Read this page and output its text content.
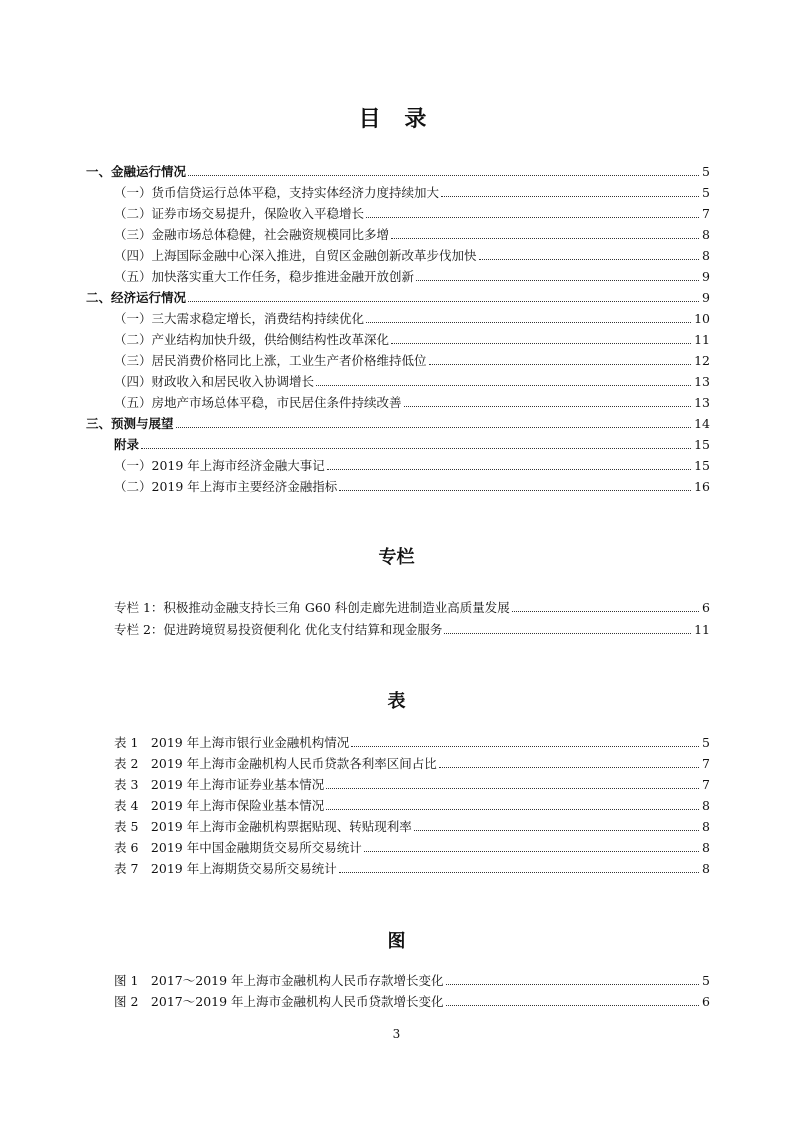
目 录
一、金融运行情况	5
（一）货币信贷运行总体平稳，支持实体经济力度持续加大	5
（二）证券市场交易提升，保险收入平稳增长	7
（三）金融市场总体稳健，社会融资规模同比多增	8
（四）上海国际金融中心深入推进，自贸区金融创新改革步伐加快	8
（五）加快落实重大工作任务，稳步推进金融开放创新	9
二、经济运行情况	9
（一）三大需求稳定增长，消费结构持续优化	10
（二）产业结构加快升级，供给侧结构性改革深化	11
（三）居民消费价格同比上涨，工业生产者价格维持低位	12
（四）财政收入和居民收入协调增长	13
（五）房地产市场总体平稳，市民居住条件持续改善	13
三、预测与展望	14
附录	15
（一）2019 年上海市经济金融大事记	15
（二）2019 年上海市主要经济金融指标	16
专栏
专栏 1：积极推动金融支持长三角 G60 科创走廊先进制造业高质量发展	6
专栏 2：促进跨境贸易投资便利化 优化支付结算和现金服务	11
表
表 1　2019 年上海市银行业金融机构情况	5
表 2　2019 年上海市金融机构人民币贷款各利率区间占比	7
表 3　2019 年上海市证券业基本情况	7
表 4　2019 年上海市保险业基本情况	8
表 5　2019 年上海市金融机构票据贴现、转贴现利率	8
表 6　2019 年中国金融期货交易所交易统计	8
表 7　2019 年上海期货交易所交易统计	8
图
图 1　2017～2019 年上海市金融机构人民币存款增长变化	5
图 2　2017～2019 年上海市金融机构人民币贷款增长变化	6
3
